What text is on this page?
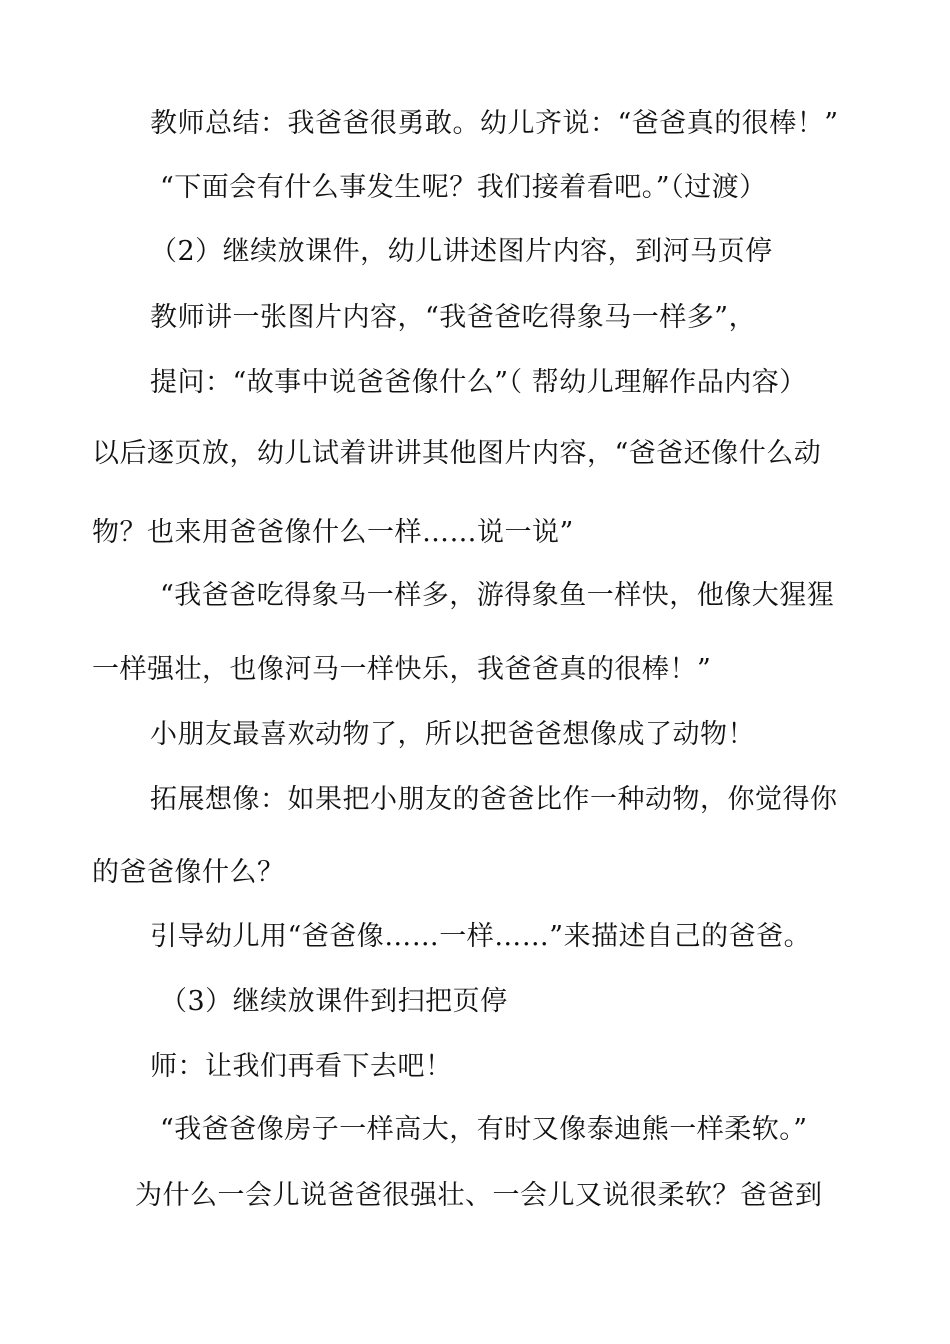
教师总结：我爸爸很勇敢。幼儿齐说：“爸爸真的很棒！”
“下面会有什么事发生呢？我们接着看吧。”（过渡）
（2）继续放课件，幼儿讲述图片内容，到河马页停
教师讲一张图片内容，“我爸爸吃得象马一样多”，
提问：“故事中说爸爸像什么”（ 帮幼儿理解作品内容）
以后逐页放，幼儿试着讲讲其他图片内容，“爸爸还像什么动
物？也来用爸爸像什么一样……说一说”
“我爸爸吃得象马一样多，游得象鱼一样快，他像大猩猩
一样强壮，也像河马一样快乐，我爸爸真的很棒！”
小朋友最喜欢动物了，所以把爸爸想像成了动物！
拓展想像：如果把小朋友的爸爸比作一种动物，你觉得你
的爸爸像什么？
引导幼儿用“爸爸像……一样……”来描述自己的爸爸。
（3）继续放课件到扫把页停
师：让我们再看下去吧！
“我爸爸像房子一样高大，有时又像泰迪熊一样柔软。”
为什么一会儿说爸爸很强壮、一会儿又说很柔软？爸爸到
